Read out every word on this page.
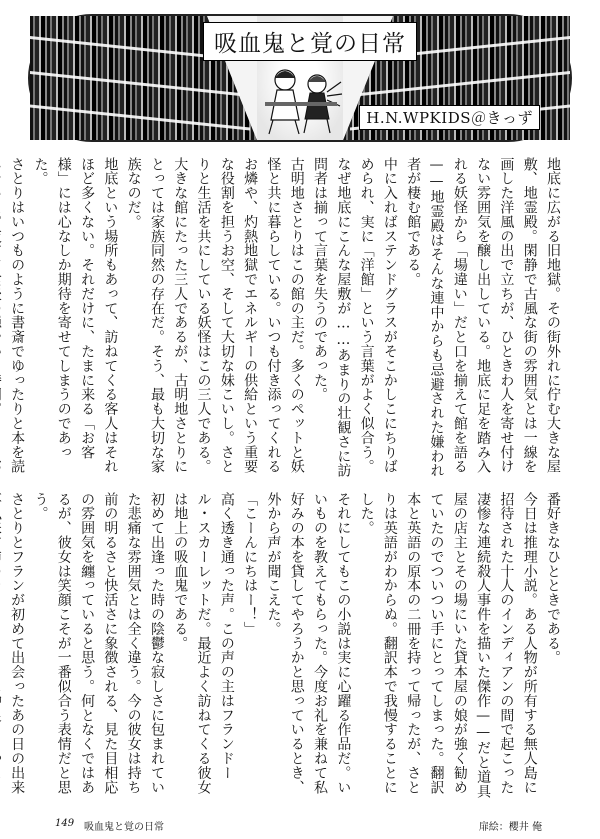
吸血鬼と覚の日常
H.N.WPKIDS＠きっず

地底に広がる旧地獄。その街外れに佇む大きな屋敷、地霊殿。閑静で古風な街の雰囲気とは一線を画した洋風の出で立ちが、ひときわ人を寄せ付けない雰囲気を醸し出している。地底に足を踏み入れる妖怪から「場違い」だと口を揃えて館を語る——地霊殿はそんな連中からも忌避された嫌われ者が棲む館である。

中に入ればステンドグラスがそこかしこにちりばめられ、実に「洋館」という言葉がよく似合う。なぜ地底にこんな屋敷が……あまりの壮観さに訪問者は揃って言葉を失うのであった。

古明地さとりはこの館の主だ。多くのペットと妖怪と共に暮らしている。いつも付き添ってくれるお燐や、灼熱地獄でエネルギーの供給という重要な役割を担うお空、そして大切な妹こいし。さとりと生活を共にしている妖怪はこの三人である。大きな館にたった三人であるが、古明地さとりにとっては家族同然の存在だ。そう、最も大切な家族なのだ。

地底という場所もあって、訪ねてくる客人はそれほど多くない。それだけに、たまに来る「お客様」には心なしか期待を寄せてしまうのであった。

さとりはいつものように書斎でゆったりと本を読

番好きなひとときである。

今日は推理小説。ある人物が所有する無人島に招待された十人のインディアンの間で起こった凄惨な連続殺人事件を描いた傑作——だと道具屋の店主とその場にいた貸本屋の娘が強く勧めていたのでついつい手にとってしまった。翻訳本と英語の原本の二冊を持って帰ったが、さとりは英語がわからぬ。翻訳本で我慢することにした。

それにしてもこの小説は実に心躍る作品だ。いいものを教えてもらった。今度お礼を兼ねて私好みの本を貸してやろうかと思っているとき、外から声が聞こえた。

「こーんにちはー！」

高く透き通った声。この声の主はフランドール・スカーレットだ。最近よく訪ねてくる彼女は地上の吸血鬼である。

初めて出逢った時の陰鬱な寂しさに包まれていた悲痛な雰囲気とは全く違う。今の彼女は持ち前の明るさと快活さに象徴される、見た目相応の雰囲気を纏っていると思う。何となくではあるが、彼女は笑顔こそが一番似合う表情だと思う。

さとりとフランが初めて出会ったあの日の出来

149 吸血鬼と覚の日常	扉絵：櫻井 俺
